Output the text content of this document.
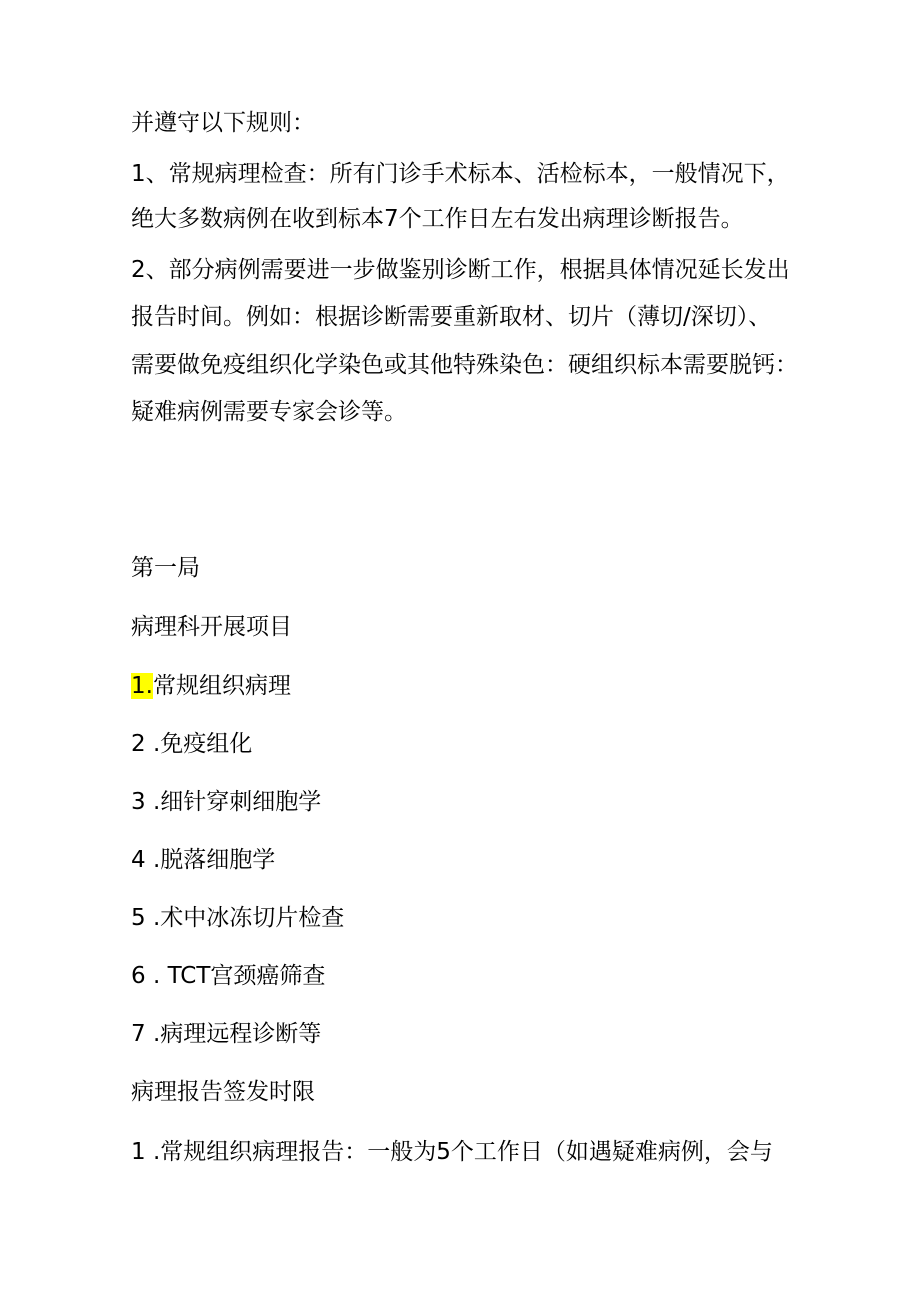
并遵守以下规则：
1、常规病理检查：所有门诊手术标本、活检标本，一般情况下，
绝大多数病例在收到标本7个工作日左右发出病理诊断报告。
2、部分病例需要进一步做鉴别诊断工作，根据具体情况延长发出
报告时间。例如：根据诊断需要重新取材、切片（薄切/深切）、
需要做免疫组织化学染色或其他特殊染色：硬组织标本需要脱钙：
疑难病例需要专家会诊等。
第一局
病理科开展项目
1.常规组织病理
2 .免疫组化
3 .细针穿刺细胞学
4 .脱落细胞学
5 .术中冰冻切片检查
6 . TCT宫颈癌筛查
7 .病理远程诊断等
病理报告签发时限
1 .常规组织病理报告：一般为5个工作日（如遇疑难病例，会与
